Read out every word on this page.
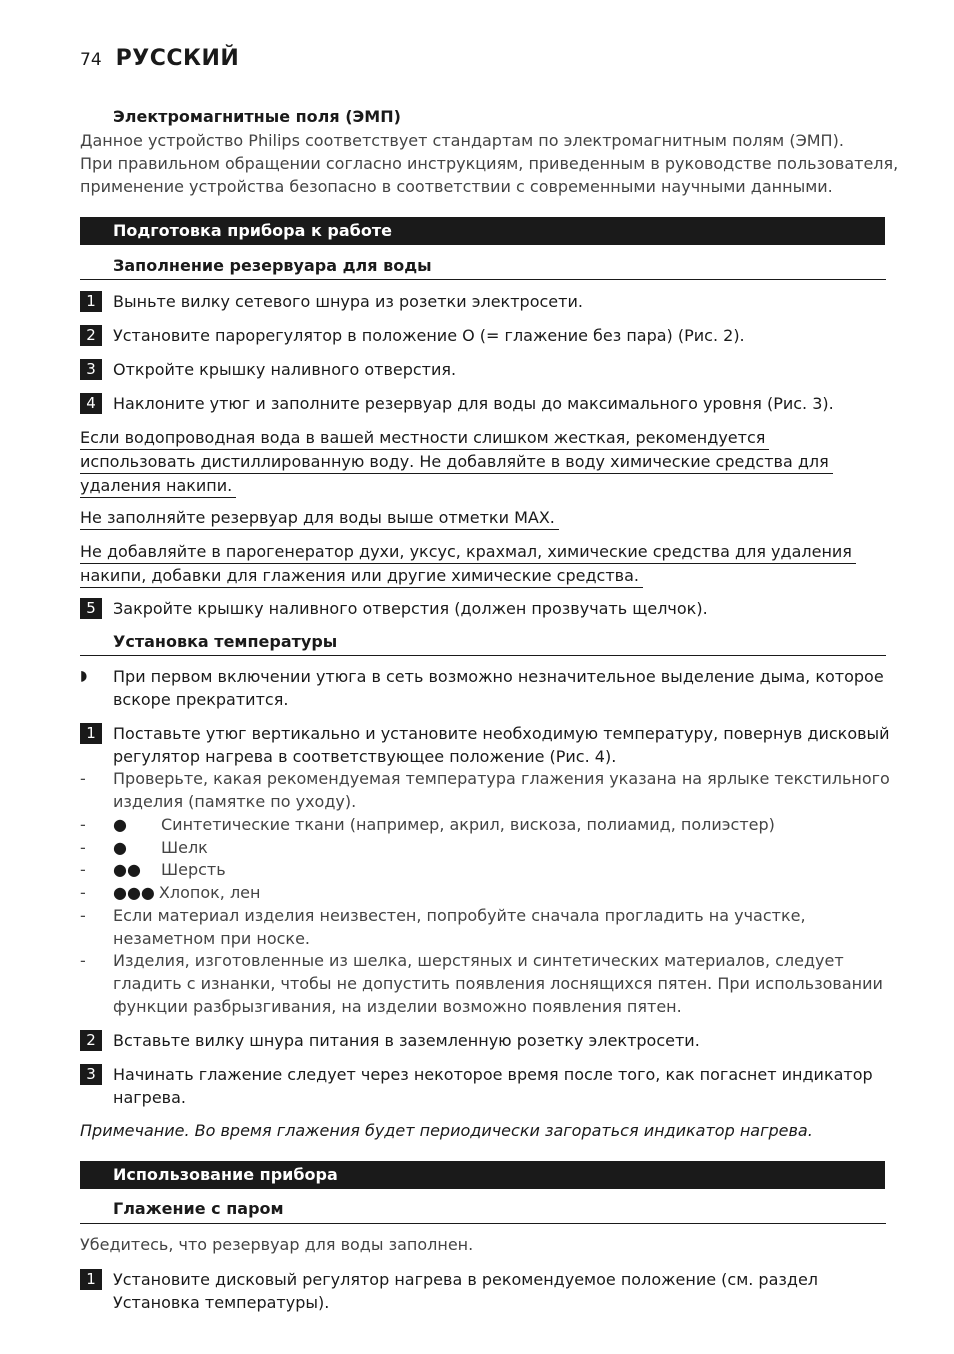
74 РУССКИЙ
Электромагнитные поля (ЭМП)
Данное устройство Philips соответствует стандартам по электромагнитным полям (ЭМП).
При правильном обращении согласно инструкциям, приведенным в руководстве пользователя,
применение устройства безопасно в соответствии с современными научными данными.
Подготовка прибора к работе
Заполнение резервуара для воды
1	Выньте вилку сетевого шнура из розетки электросети.
2	Установите парорегулятор в положение O (= глажение без пара) (Рис. 2).
3	Откройте крышку наливного отверстия.
4	Наклоните утюг и заполните резервуар для воды до максимального уровня (Рис. 3).
Если водопроводная вода в вашей местности слишком жесткая, рекомендуется
использовать дистиллированную воду. Не добавляйте в воду химические средства для
удаления накипи.
Не заполняйте резервуар для воды выше отметки MAX.
Не добавляйте в парогенератор духи, уксус, крахмал, химические средства для удаления
накипи, добавки для глажения или другие химические средства.
5	Закройте крышку наливного отверстия (должен прозвучать щелчок).
Установка температуры
◗	При первом включении утюга в сеть возможно незначительное выделение дыма, которое вскоре прекратится.
1	Поставьте утюг вертикально и установите необходимую температуру, повернув дисковый регулятор нагрева в соответствующее положение (Рис. 4).
-	Проверьте, какая рекомендуемая температура глажения указана на ярлыке текстильного изделия (памятке по уходу).
-	●	Синтетические ткани (например, акрил, вискоза, полиамид, полиэстер)
-	●	Шелк
-	●●	Шерсть
-	●●● Хлопок, лен
-	Если материал изделия неизвестен, попробуйте сначала прогладить на участке, незаметном при носке.
-	Изделия, изготовленные из шелка, шерстяных и синтетических материалов, следует гладить с изнанки, чтобы не допустить появления лоснящихся пятен. При использовании функции разбрызгивания, на изделии возможно появления пятен.
2	Вставьте вилку шнура питания в заземленную розетку электросети.
3	Начинать глажение следует через некоторое время после того, как погаснет индикатор нагрева.
Примечание. Во время глажения будет периодически загораться индикатор нагрева.
Использование прибора
Глажение с паром
Убедитесь, что резервуар для воды заполнен.
1	Установите дисковый регулятор нагрева в рекомендуемое положение (см. раздел Установка температуры).
